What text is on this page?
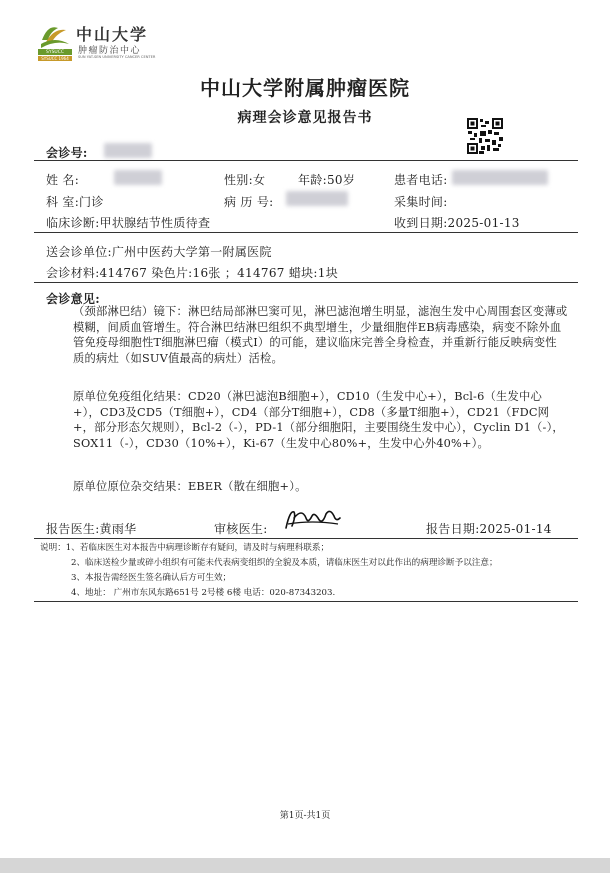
SYSUCC
SYSUCC 1964
中山大学
肿瘤防治中心
SUN YAT-SEN UNIVERSITY CANCER CENTER
中山大学附属肿瘤医院
病理会诊意见报告书
会诊号:
姓 名:	性别:女	年龄:50岁	患者电话:
科 室:门诊	病 历 号:	采集时间:
临床诊断:甲状腺结节性质待查	收到日期:2025-01-13
送会诊单位:广州中医药大学第一附属医院
会诊材料:414767 染色片:16张 ；414767 蜡块:1块
会诊意见:
（颈部淋巴结）镜下：淋巴结局部淋巴窦可见，淋巴滤泡增生明显，滤泡生发中心周围套区变薄或模糊，间质血管增生。符合淋巴结淋巴组织不典型增生，少量细胞伴EB病毒感染，病变不除外血管免疫母细胞性T细胞淋巴瘤（模式I）的可能，建议临床完善全身检查，并重新行能反映病变性质的病灶（如SUV值最高的病灶）活检。
原单位免疫组化结果：CD20（淋巴滤泡B细胞+），CD10（生发中心+），Bcl-6（生发中心+），CD3及CD5（T细胞+），CD4（部分T细胞+），CD8（多量T细胞+），CD21（FDC网+，部分形态欠规则），Bcl-2（-），PD-1（部分细胞阳，主要围绕生发中心），Cyclin D1（-），SOX11（-），CD30（10%+），Ki-67（生发中心80%+，生发中心外40%+）。
原单位原位杂交结果：EBER（散在细胞+）。
报告医生:黄雨华	审核医生:	报告日期:2025-01-14
说明：1、若临床医生对本报告中病理诊断存有疑问，请及时与病理科联系；
2、临床送检少量或碎小组织有可能未代表病变组织的全貌及本质，请临床医生对以此作出的病理诊断予以注意；
3、本报告需经医生签名确认后方可生效；
4、地址： 广州市东风东路651号 2号楼 6楼 电话：020-87343203.
第1页-共1页
